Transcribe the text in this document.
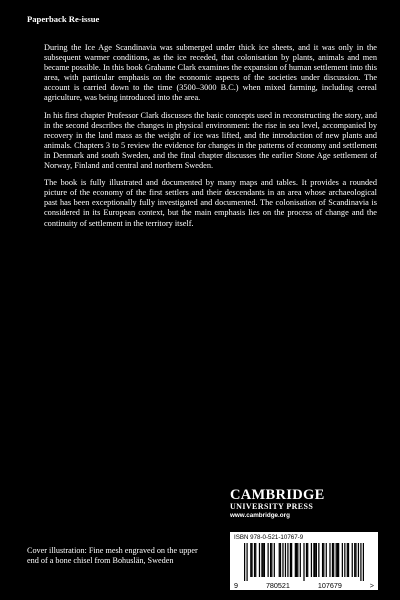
Paperback Re-issue

During the Ice Age Scandinavia was submerged under thick ice sheets, and it was only in the subsequent warmer conditions, as the ice receded, that colonisation by plants, animals and men became possible. In this book Grahame Clark examines the expansion of human settlement into this area, with particular emphasis on the economic aspects of the societies under discussion. The account is carried down to the time (3500–3000 B.C.) when mixed farming, including cereal agriculture, was being introduced into the area.

In his first chapter Professor Clark discusses the basic concepts used in reconstructing the story, and in the second describes the changes in physical environment: the rise in sea level, accompanied by recovery in the land mass as the weight of ice was lifted, and the introduction of new plants and animals. Chapters 3 to 5 review the evidence for changes in the patterns of economy and settlement in Denmark and south Sweden, and the final chapter discusses the earlier Stone Age settlement of Norway, Finland and central and northern Sweden.

The book is fully illustrated and documented by many maps and tables. It provides a rounded picture of the economy of the first settlers and their descendants in an area whose archaeological past has been exceptionally fully investigated and documented. The colonisation of Scandinavia is considered in its European context, but the main emphasis lies on the process of change and the continuity of settlement in the territory itself.

CAMBRIDGE
UNIVERSITY PRESS
www.cambridge.org
ISBN 978-0-521-10767-9
9	780521	107679	>
Cover illustration: Fine mesh engraved on the upper end of a bone chisel from Bohuslän, Sweden
